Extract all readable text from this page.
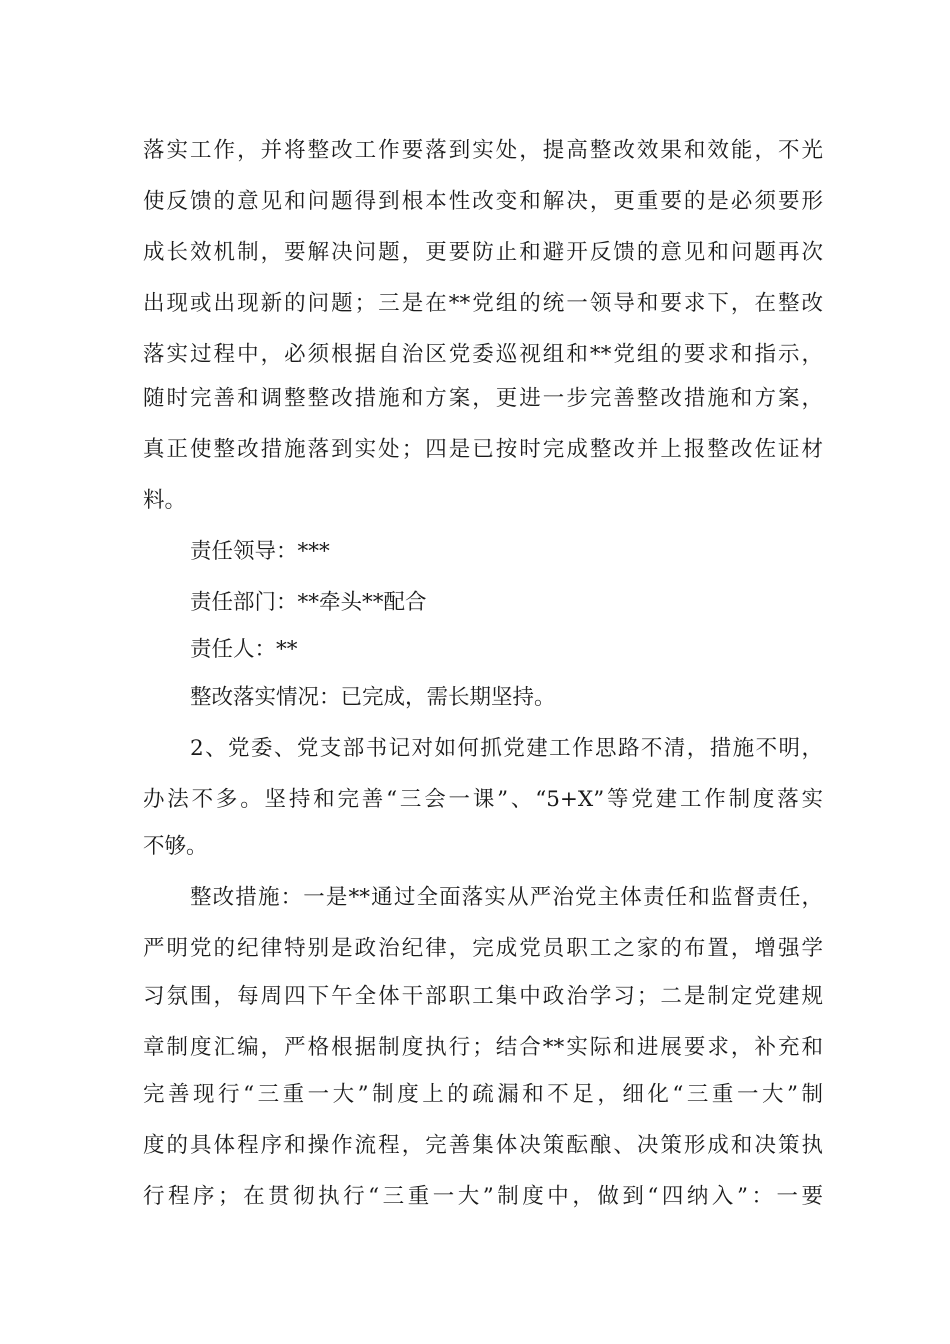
落实工作，并将整改工作要落到实处，提高整改效果和效能，不光
使反馈的意见和问题得到根本性改变和解决，更重要的是必须要形
成长效机制，要解决问题，更要防止和避开反馈的意见和问题再次
出现或出现新的问题；三是在**党组的统一领导和要求下，在整改
落实过程中，必须根据自治区党委巡视组和**党组的要求和指示，
随时完善和调整整改措施和方案，更进一步完善整改措施和方案，
真正使整改措施落到实处；四是已按时完成整改并上报整改佐证材
料。
责任领导：***
责任部门：**牵头**配合
责任人：**
整改落实情况：已完成，需长期坚持。
2、党委、党支部书记对如何抓党建工作思路不清，措施不明，
办法不多。坚持和完善“三会一课”、“5+X”等党建工作制度落实
不够。
整改措施：一是**通过全面落实从严治党主体责任和监督责任，
严明党的纪律特别是政治纪律，完成党员职工之家的布置，增强学
习氛围，每周四下午全体干部职工集中政治学习；二是制定党建规
章制度汇编，严格根据制度执行；结合**实际和进展要求，补充和
完善现行“三重一大”制度上的疏漏和不足，细化“三重一大”制
度的具体程序和操作流程，完善集体决策酝酿、决策形成和决策执
行程序；在贯彻执行“三重一大”制度中，做到“四纳入”：一要
